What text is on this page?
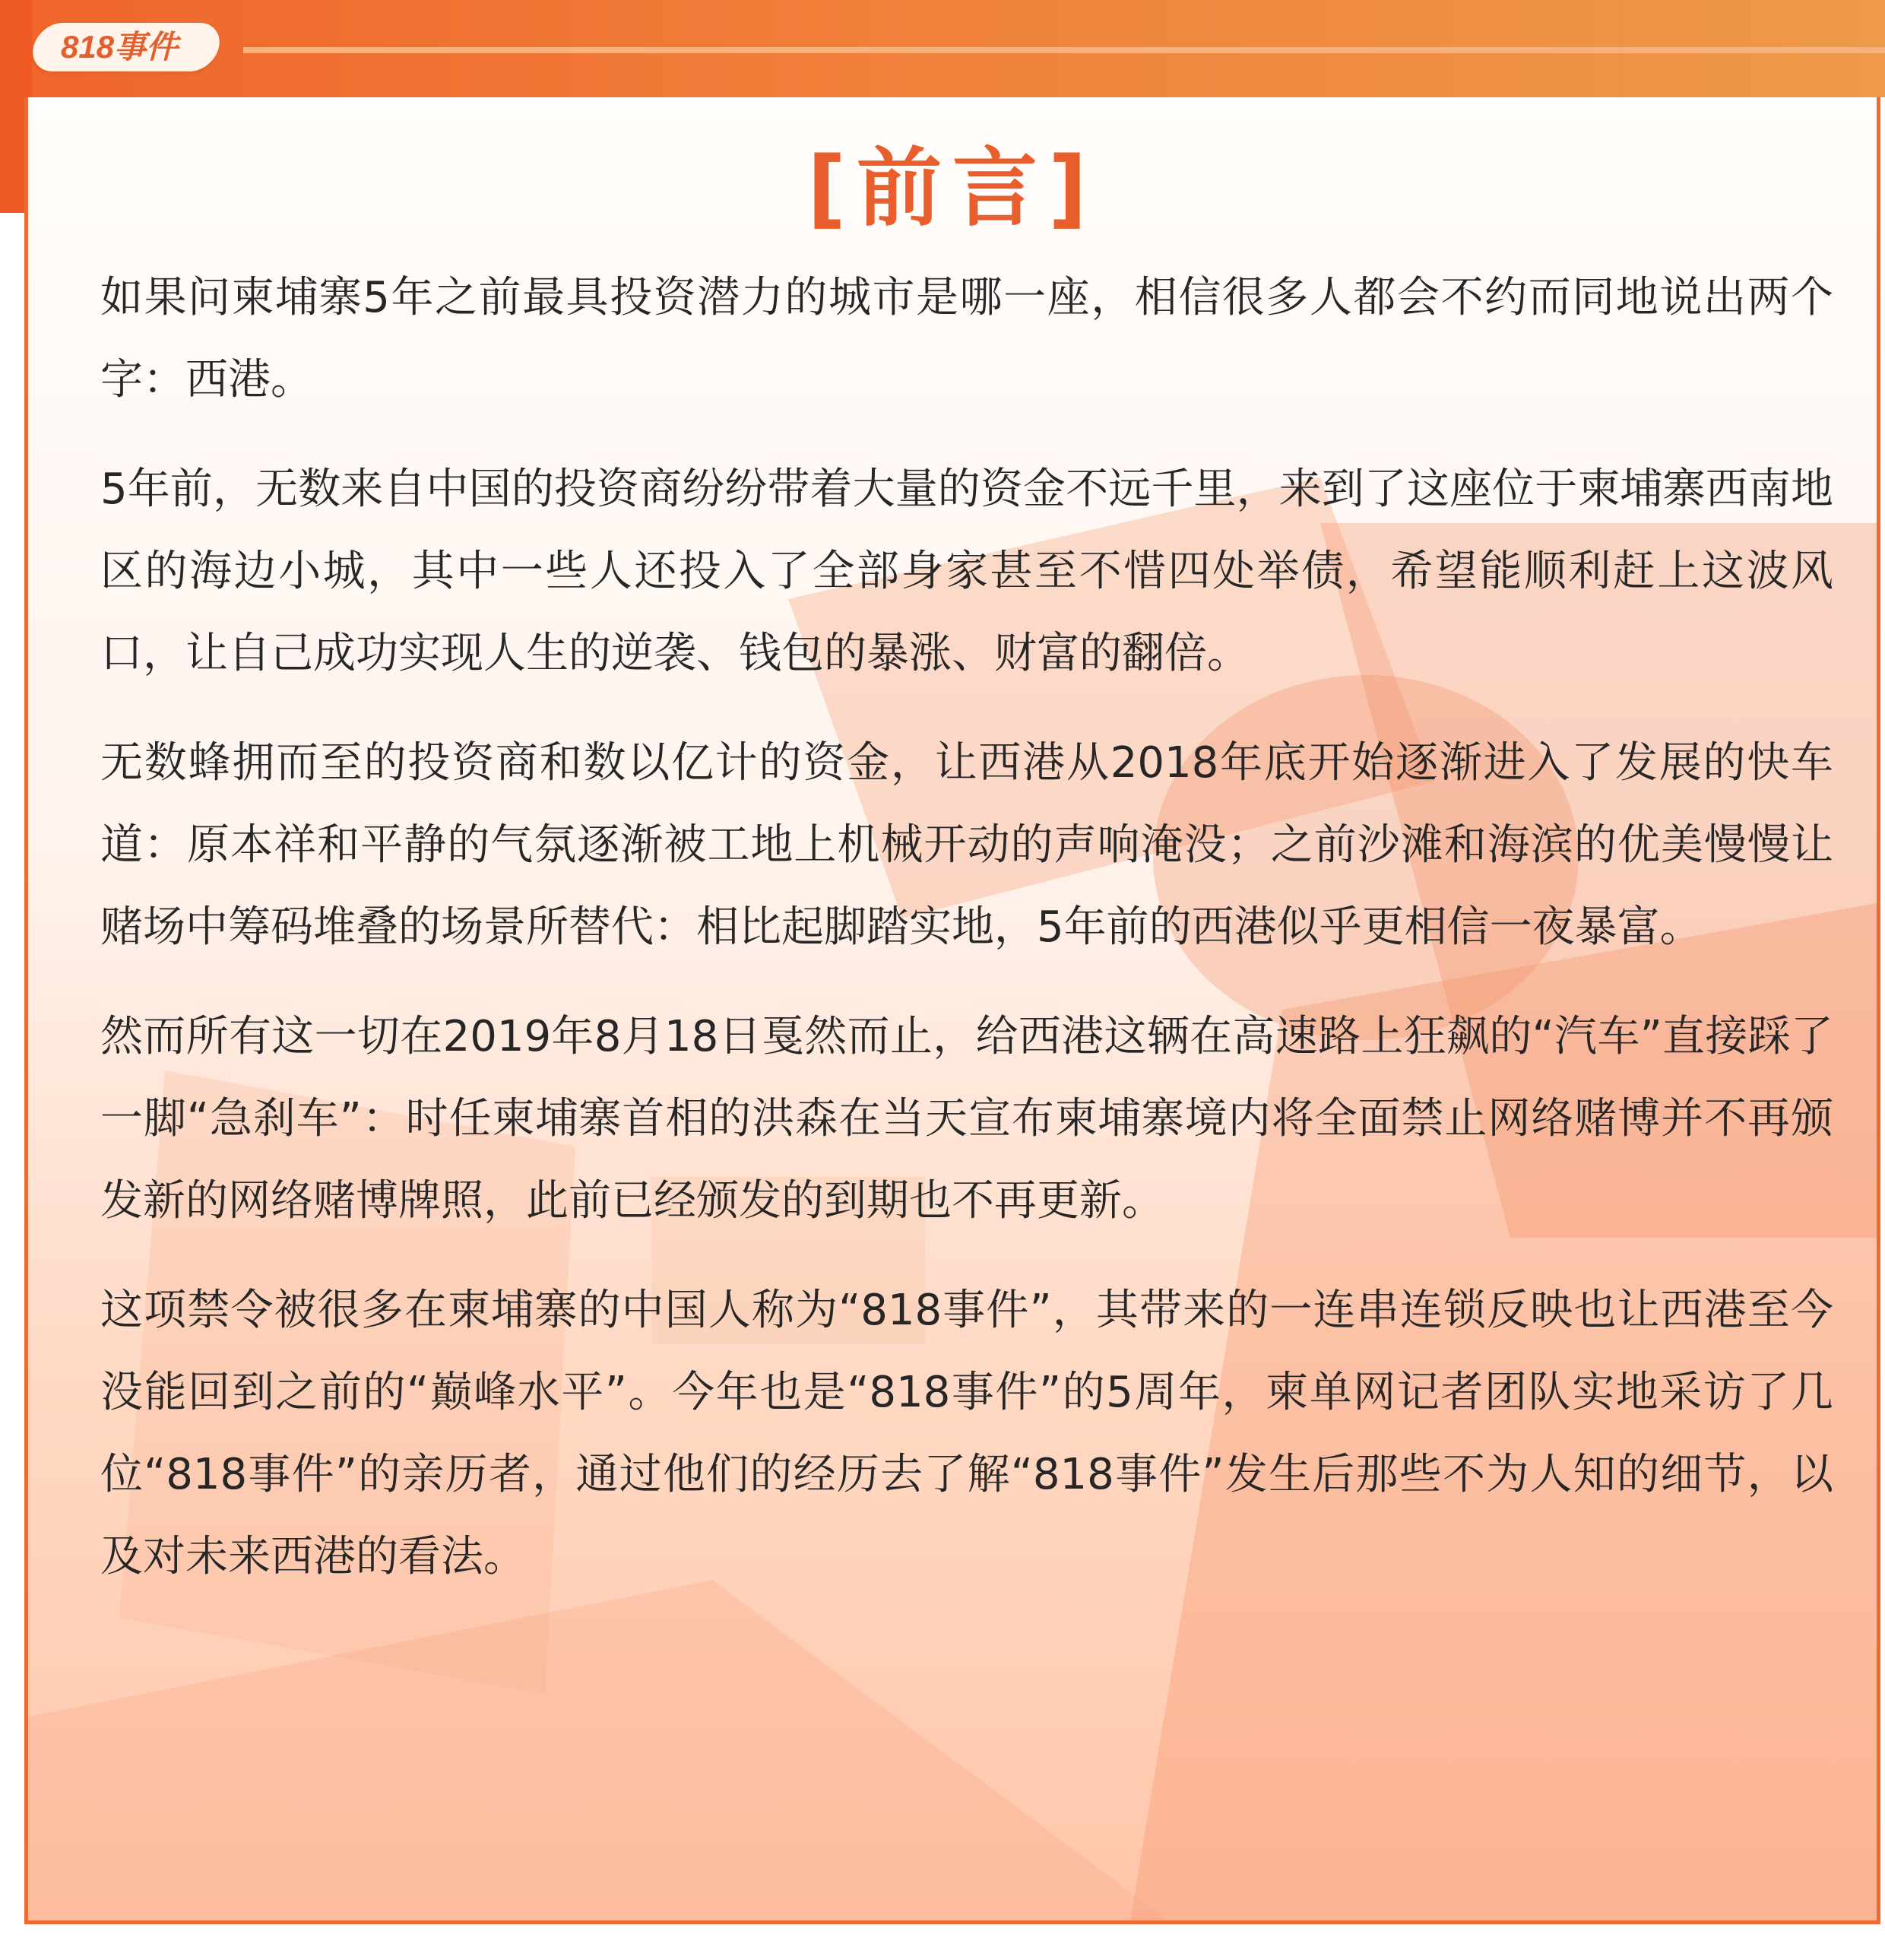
818事件
[前言]

如果问柬埔寨5年之前最具投资潜力的城市是哪一座，相信很多人都会不约而同地说出两个字：西港。

5年前，无数来自中国的投资商纷纷带着大量的资金不远千里，来到了这座位于柬埔寨西南地区的海边小城，其中一些人还投入了全部身家甚至不惜四处举债，希望能顺利赶上这波风口，让自己成功实现人生的逆袭、钱包的暴涨、财富的翻倍。

无数蜂拥而至的投资商和数以亿计的资金，让西港从2018年底开始逐渐进入了发展的快车道：原本祥和平静的气氛逐渐被工地上机械开动的声响淹没；之前沙滩和海滨的优美慢慢让赌场中筹码堆叠的场景所替代：相比起脚踏实地，5年前的西港似乎更相信一夜暴富。

然而所有这一切在2019年8月18日戛然而止，给西港这辆在高速路上狂飙的“汽车”直接踩了一脚“急刹车”：时任柬埔寨首相的洪森在当天宣布柬埔寨境内将全面禁止网络赌博并不再颁发新的网络赌博牌照，此前已经颁发的到期也不再更新。

这项禁令被很多在柬埔寨的中国人称为“818事件”，其带来的一连串连锁反映也让西港至今没能回到之前的“巅峰水平”。今年也是“818事件”的5周年，柬单网记者团队实地采访了几位“818事件”的亲历者，通过他们的经历去了解“818事件”发生后那些不为人知的细节，以及对未来西港的看法。
